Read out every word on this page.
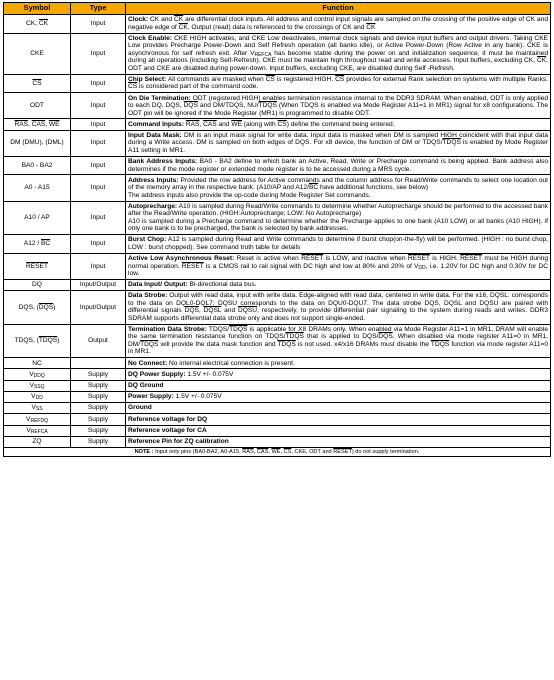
Symbol	Type	Function
CK, $\overline{CK}$	Input	Clock: CK and $\overline{CK}$ are differential clock inputs. All address and control input signals are sampled on the crossing of the positive edge of CK and negative edge of $\overline{CK}$. Output (read) data is referenced to the crossings of CK and $\overline{CK}$
CKE	Input	Clock Enable: CKE HIGH activates, and CKE Low deactivates, internal clock signals and device input buffers and output drivers. Taking CKE Low provides Precharge Power-Down and Self Refresh operation (all banks idle), or Active Power-Down (Row Active in any bank). CKE is asynchronous for self refresh exit. After $V_{REFCA}$ has become stable during the power on and initialization sequence, it must be maintained during all operations (including Self-Refresh). CKE must be maintain high throughout read and write accesses. Input buffers, excluding CK, $\overline{CK}$, ODT and CKE are disabled during power-down. Input buffers, excluding CKE, are disabled during Self -Refresh.
$\overline{CS}$	Input	Chip Select: All commands are masked when $\overline{CS}$ is registered HIGH. $\overline{CS}$ provides for external Rank selection on systems with multiple Ranks. $\overline{CS}$ is considered part of the command code.
ODT	Input	On Die Termination: ODT (registered HIGH) enables termination resistance internal to the DDR3 SDRAM. When enabled, ODT is only applied to each DQ, DQS, $\overline{DQS}$ and DM/TDQS, NU/TDQS (When TDQS is enabled via Mode Register A11=1 in MR1) signal for x8 configurations. The ODT pin will be ignored if the Mode Register (MR1) is programmed to disable ODT.
$\overline{RAS}$, $\overline{CAS}$, $\overline{WE}$	Input	Command Inputs: $\overline{RAS}$, $\overline{CAS}$ and $\overline{WE}$ (along with $\overline{CS}$) define the command being entered.
DM (DMU), (DML)	Input	Input Data Mask: DM is an input mask signal for write data. Input data is masked when DM is sampled HIGH coincident with that input data during a Write access. DM is sampled on both edges of DQS. For x8 device, the function of DM or TDQS/TDQS is enabled by Mode Register A11 setting in MR1.
BA0 - BA2	Input	Bank Address Inputs: BA0 - BA2 define to which bank an Active, Read, Write or Precharge command is being applied. Bank address also determines if the mode register or extended mode register is to be accessed during a MRS cycle.
A0 - A15	Input	Address Inputs: Provided the row address for Active commands and the column address for Read/Write commands to select one location out of the memory array in the respective bank. (A10/AP and $A12/\overline{BC}$ have additional functions, see below)
The address inputs also provide the op-code during Mode Register Set commands.

A10 / AP	Input	Autoprecharge: A10 is sampled during Read/Write commands to determine whether Autoprecharge should be performed to the accessed bank after the Read/Write operation. (HIGH:Autoprecharge; LOW: No Autoprecharge)
A10 is sampled during a Precharge command to determine whether the Precharge applies to one bank (A10 LOW) or all banks (A10 HIGH). if only one bank is to be precharged, the bank is selected by bank addresses.

$A12 / \overline{BC}$	Input	Burst Chop: A12 is sampled during Read and Write commands to determine if burst chop(on-the-fly) will be performed. (HIGH : no burst chop, LOW : burst chopped). See command truth table for details
RESET	Input	Active Low Asynchronous Reset: Reset is active when RESET is LOW, and inactive when RESET is HIGH. RESET must be HIGH during normal operation. RESET is a CMOS rail to rail signal with DC high and low at 80% and 20% of $V_{DD}$, i.e. 1.20V for DC high and 0.30V for DC low.
DQ	Input/Output	Data Input/ Output: Bi-directional data bus.
DQS, $(\overline{DQS})$	Input/Output	Data Strobe: Output with read data, input with write data. Edge-aligned with read data, centered in write data. For the x16, DQSL: corresponds to the data on DQL0-DQL7; DQSU corresponds to the data on DQU0-DQU7. The data strobe DQS, DQSL and DQSU are paired with differential signals $\overline{DQS}$, DQSL and DQSU, respectively, to provide differential pair signaling to the system during reads and writes. DDR3 SDRAM supports differential data strobe only and does not support single-ended.
TDQS, (TDQS)	Output	Termination Data Strobe: TDQS/TDQS is applicable for X8 DRAMs only. When enabled via Mode Register A11=1 in MR1, DRAM will enable the same termination resistance function on TDQS/TDQS that is applied to DQS/$\overline{DQS}$. When disabled via mode register A11=0 in MR1, DM/TDQS will provide the data mask function and TDQS is not used. x4/x16 DRAMs must disable the TDQS function via mode register A11=0 in MR1.
NC		No Connect: No internal electrical connection is present.
$V_{DDQ}$	Supply	DQ Power Supply: 1.5V +/- 0.075V
$V_{SSQ}$	Supply	DQ Ground
$V_{DD}$	Supply	Power Supply: 1.5V +/- 0.075V
$V_{SS}$	Supply	Ground
$V_{REFDQ}$	Supply	Reference voltage for DQ
$V_{REFCA}$	Supply	Reference voltage for CA
ZQ	Supply	Reference Pin for ZQ calibration
NOTE : Input only pins (BA0-BA2, A0-A15, $\overline{RAS}$, $\overline{CAS}$, $\overline{WE}$, $\overline{CS}$, CKE, ODT and RESET) do not supply termination.		
